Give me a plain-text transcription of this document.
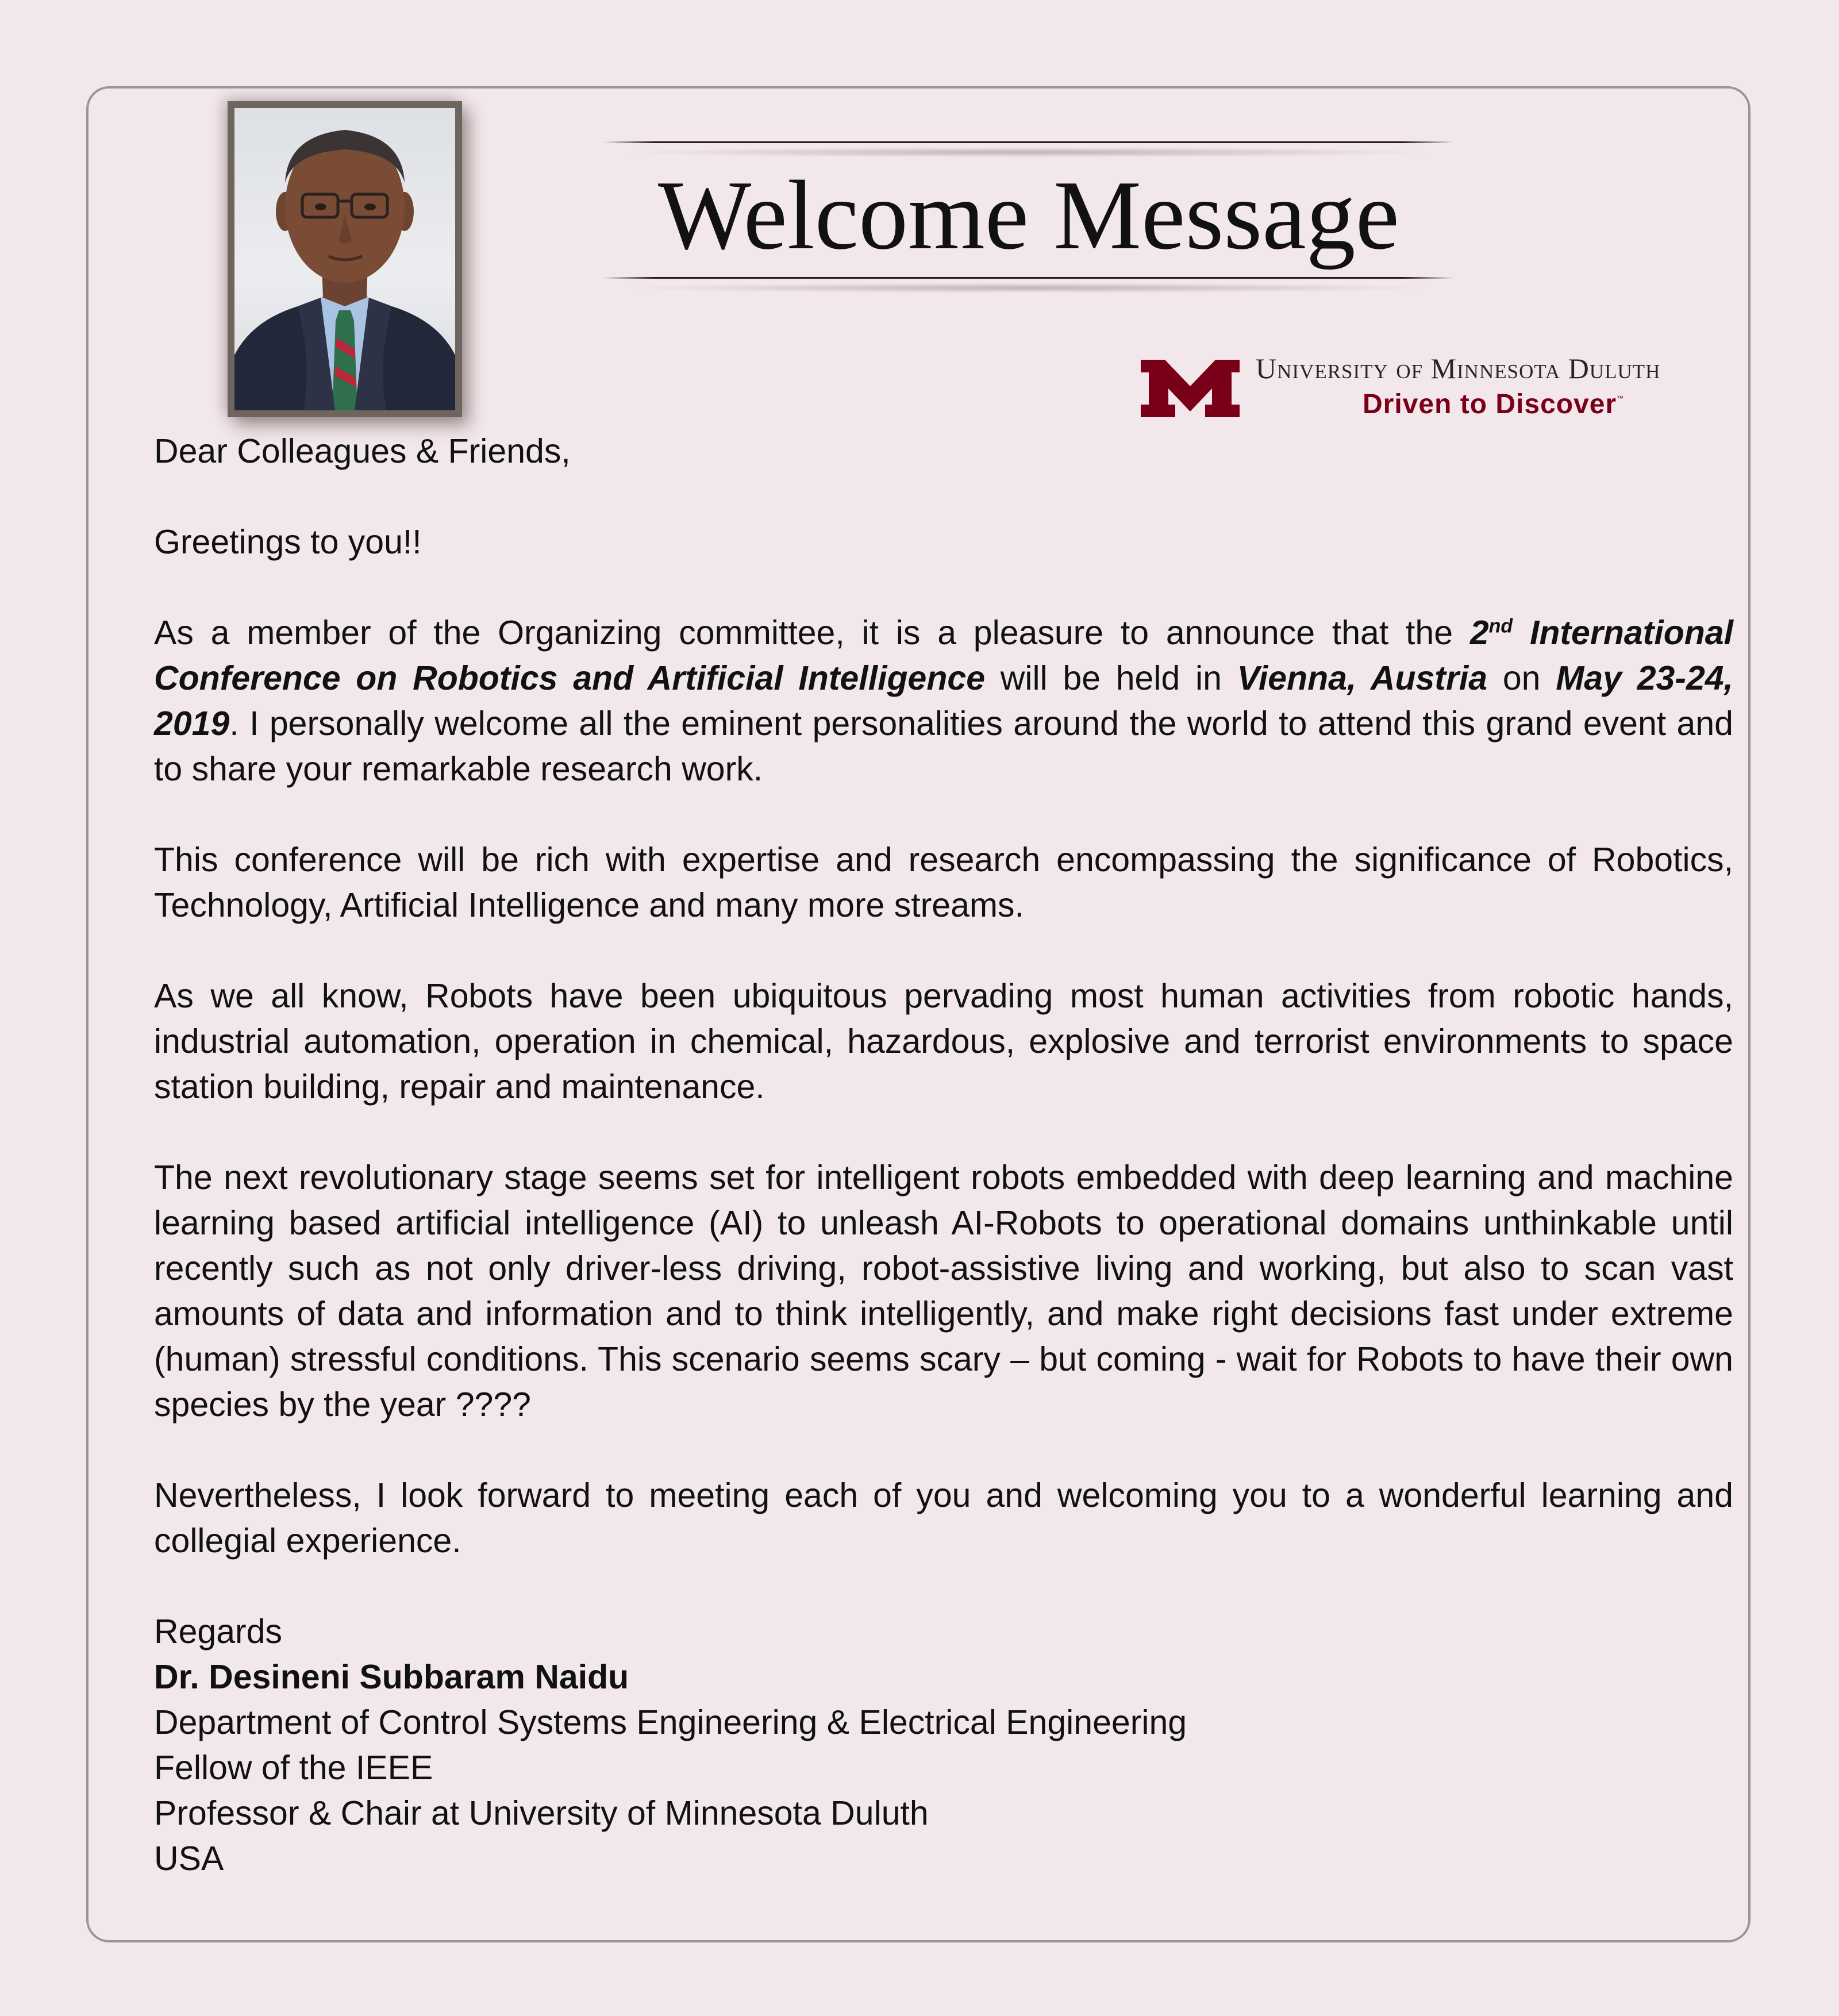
Welcome Message
University of Minnesota Duluth
Driven to Discover™

Dear Colleagues & Friends,

Greetings to you!!

As a member of the Organizing committee, it is a pleasure to announce that the 2nd International Conference on Robotics and Artificial Intelligence will be held in Vienna, Austria on May 23-24, 2019. I personally welcome all the eminent personalities around the world to attend this grand event and to share your remarkable research work.

This conference will be rich with expertise and research encompassing the significance of Robotics, Technology, Artificial Intelligence and many more streams.

As we all know, Robots have been ubiquitous pervading most human activities from robotic hands, industrial automation, operation in chemical, hazardous, explosive and terrorist environments to space station building, repair and maintenance.

The next revolutionary stage seems set for intelligent robots embedded with deep learning and machine learning based artificial intelligence (AI) to unleash AI-Robots to operational domains unthinkable until recently such as not only driver-less driving, robot-assistive living and working, but also to scan vast amounts of data and information and to think intelligently, and make right decisions fast under extreme (human) stressful conditions. This scenario seems scary – but coming - wait for Robots to have their own species by the year ????

Nevertheless, I look forward to meeting each of you and welcoming you to a wonderful learning and collegial experience.

Regards

Dr. Desineni Subbaram Naidu

Department of Control Systems Engineering & Electrical Engineering

Fellow of the IEEE

Professor & Chair at University of Minnesota Duluth

USA
